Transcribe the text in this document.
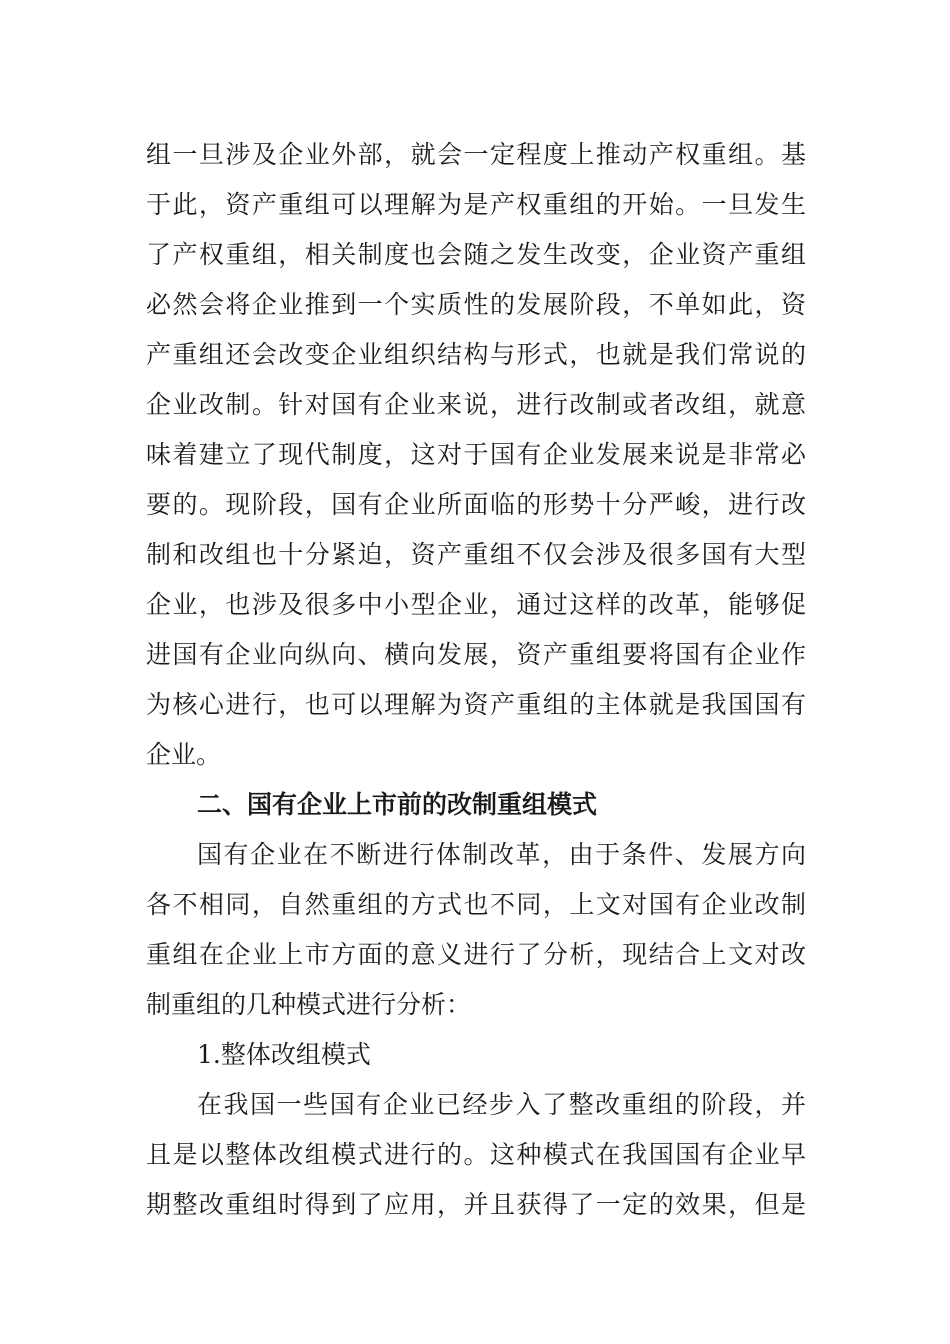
组一旦涉及企业外部，就会一定程度上推动产权重组。基
于此，资产重组可以理解为是产权重组的开始。一旦发生
了产权重组，相关制度也会随之发生改变，企业资产重组
必然会将企业推到一个实质性的发展阶段，不单如此，资
产重组还会改变企业组织结构与形式，也就是我们常说的
企业改制。针对国有企业来说，进行改制或者改组，就意
味着建立了现代制度，这对于国有企业发展来说是非常必
要的。现阶段，国有企业所面临的形势十分严峻，进行改
制和改组也十分紧迫，资产重组不仅会涉及很多国有大型
企业，也涉及很多中小型企业，通过这样的改革，能够促
进国有企业向纵向、横向发展，资产重组要将国有企业作
为核心进行，也可以理解为资产重组的主体就是我国国有
企业。
二、国有企业上市前的改制重组模式
国有企业在不断进行体制改革，由于条件、发展方向
各不相同，自然重组的方式也不同，上文对国有企业改制
重组在企业上市方面的意义进行了分析，现结合上文对改
制重组的几种模式进行分析：
1.整体改组模式
在我国一些国有企业已经步入了整改重组的阶段，并
且是以整体改组模式进行的。这种模式在我国国有企业早
期整改重组时得到了应用，并且获得了一定的效果，但是
